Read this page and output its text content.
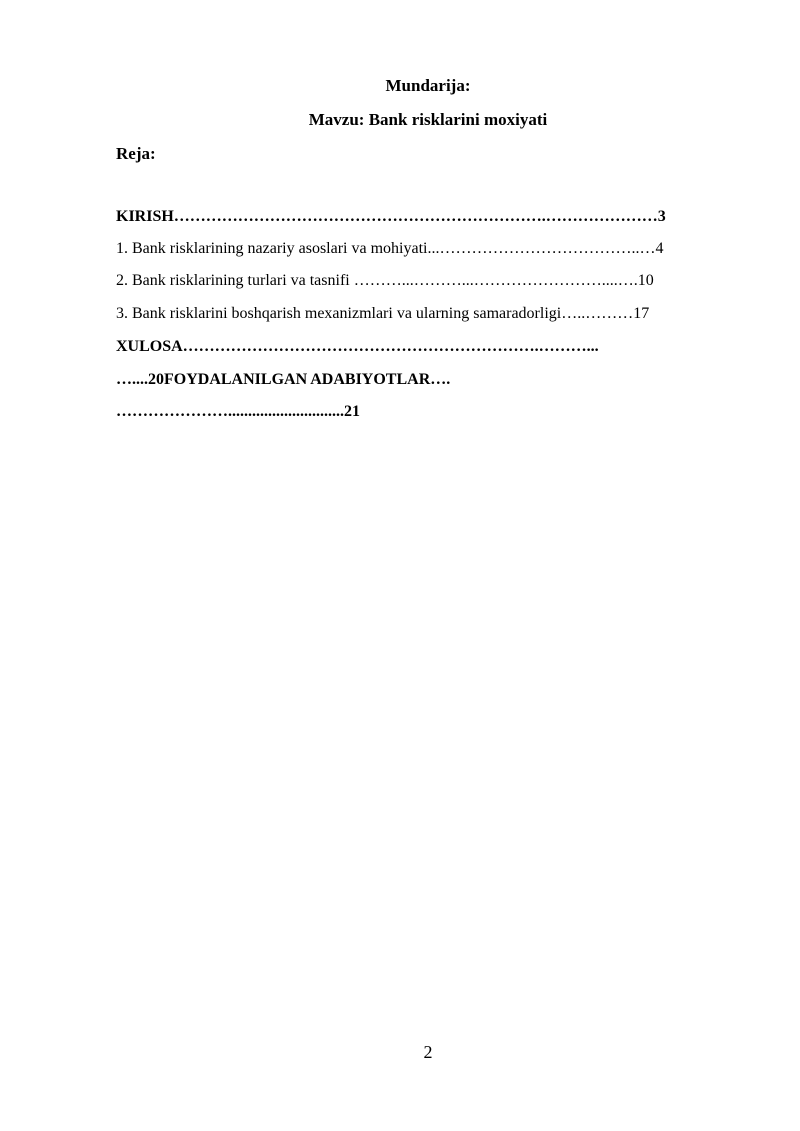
Mundarija:
Mavzu: Bank risklarini moxiyati
Reja:
KIRISH…………………………………………………………….…………………3
1. Bank risklarining nazariy asoslari va mohiyati...………………………………..…4
2. Bank risklarining turlari va tasnifi ………...………...……………………....….10
3. Bank risklarini boshqarish mexanizmlari va ularning samaradorligi…..………17
XULOSA………………………………………………………….………...
…....20FOYDALANILGAN ADABIYOTLAR….
………………….............................21
2
